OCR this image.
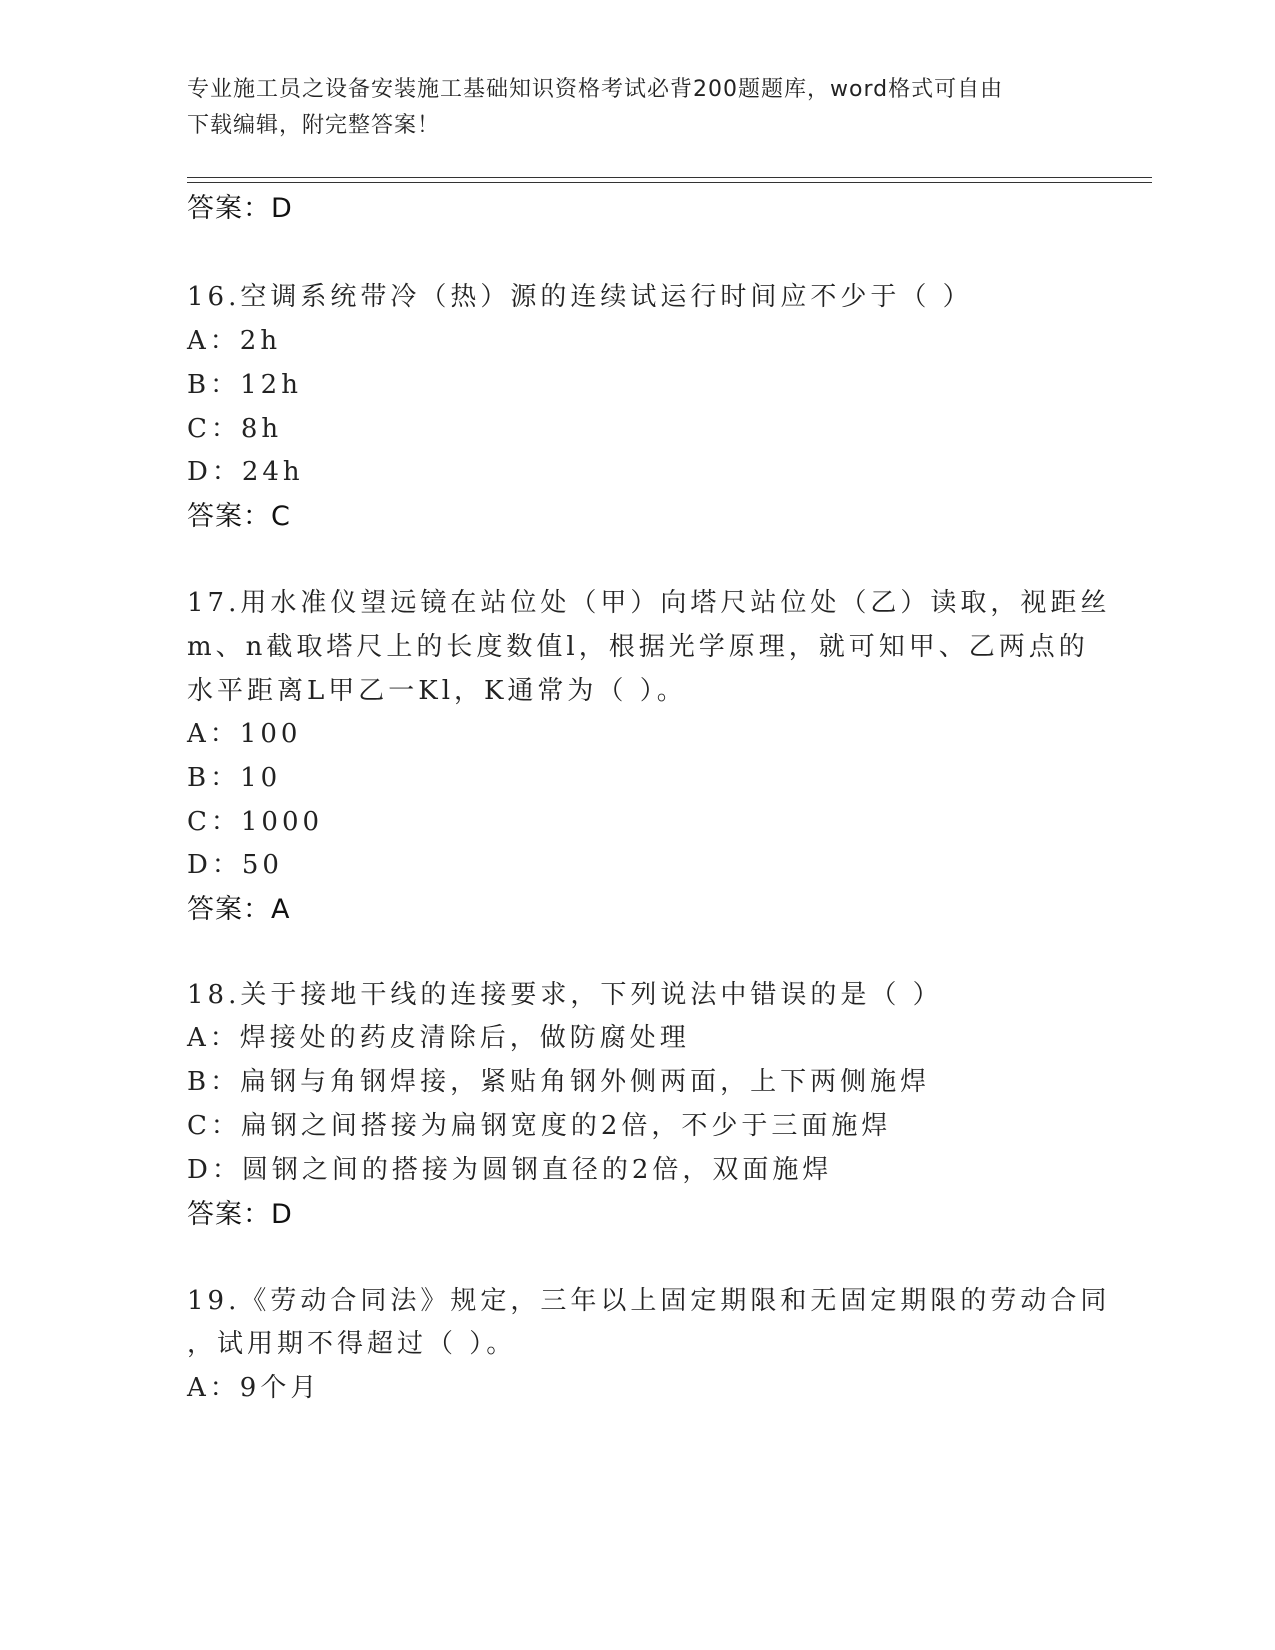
专业施工员之设备安装施工基础知识资格考试必背200题题库，word格式可自由
下载编辑，附完整答案！
答案：D
16.空调系统带冷（热）源的连续试运行时间应不少于（ ）
A：2h
B：12h
C：8h
D：24h
答案：C
17.用水准仪望远镜在站位处（甲）向塔尺站位处（乙）读取，视距丝
m、n截取塔尺上的长度数值l，根据光学原理，就可知甲、乙两点的
水平距离L甲乙一Kl，K通常为（ ）。
A：100
B：10
C：1000
D：50
答案：A
18.关于接地干线的连接要求，下列说法中错误的是（ ）
A：焊接处的药皮清除后，做防腐处理
B：扁钢与角钢焊接，紧贴角钢外侧两面，上下两侧施焊
C：扁钢之间搭接为扁钢宽度的2倍，不少于三面施焊
D：圆钢之间的搭接为圆钢直径的2倍，双面施焊
答案：D
19.《劳动合同法》规定，三年以上固定期限和无固定期限的劳动合同
，试用期不得超过（ ）。
A：9个月
